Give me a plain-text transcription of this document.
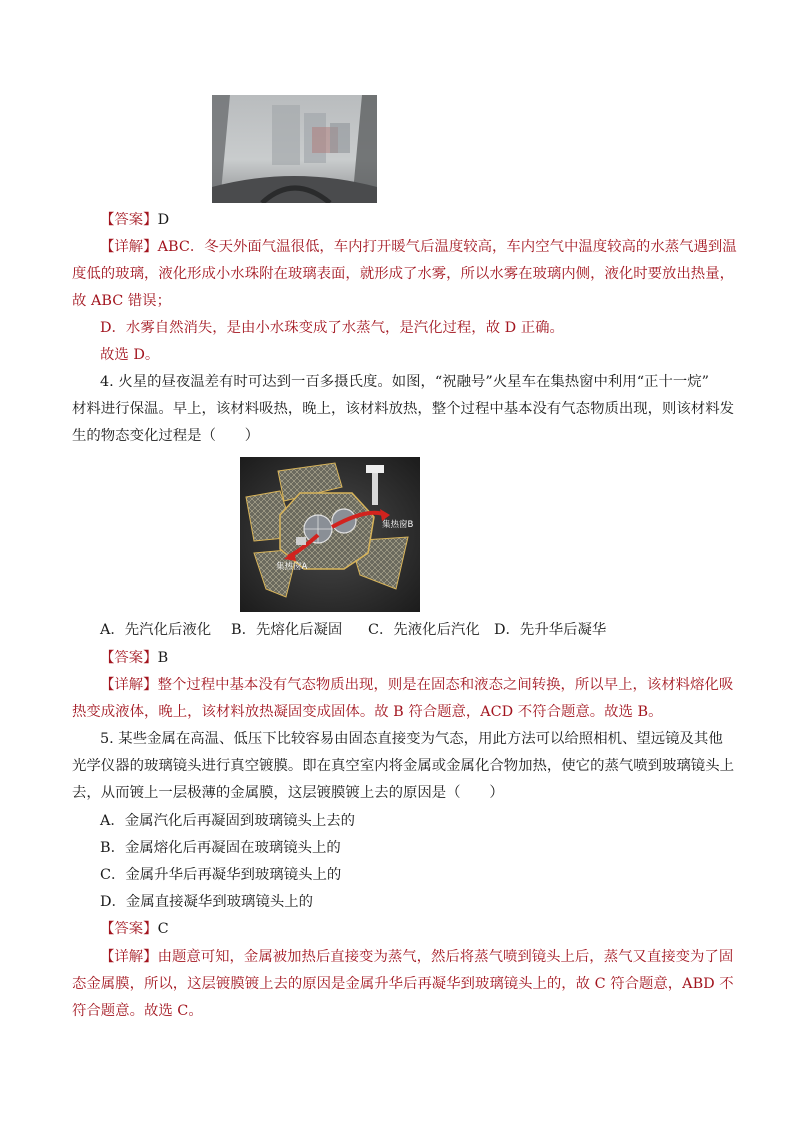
【答案】D
【详解】ABC．冬天外面气温很低，车内打开暖气后温度较高，车内空气中温度较高的水蒸气遇到温
度低的玻璃，液化形成小水珠附在玻璃表面，就形成了水雾，所以水雾在玻璃内侧，液化时要放出热量，
故 ABC 错误；
D．水雾自然消失，是由小水珠变成了水蒸气，是汽化过程，故 D 正确。
故选 D。
4. 火星的昼夜温差有时可达到一百多摄氏度。如图，“祝融号”火星车在集热窗中利用“正十一烷”
材料进行保温。早上，该材料吸热，晚上，该材料放热，整个过程中基本没有气态物质出现，则该材料发
生的物态变化过程是（　　）
集热窗B
集热窗A
A．先汽化后液化 B．先熔化后凝固 C．先液化后汽化 D．先升华后凝华
【答案】B
【详解】整个过程中基本没有气态物质出现，则是在固态和液态之间转换，所以早上，该材料熔化吸
热变成液体，晚上，该材料放热凝固变成固体。故 B 符合题意，ACD 不符合题意。故选 B。
5. 某些金属在高温、低压下比较容易由固态直接变为气态，用此方法可以给照相机、望远镜及其他
光学仪器的玻璃镜头进行真空镀膜。即在真空室内将金属或金属化合物加热，使它的蒸气喷到玻璃镜头上
去，从而镀上一层极薄的金属膜，这层镀膜镀上去的原因是（　　）
A．金属汽化后再凝固到玻璃镜头上去的
B．金属熔化后再凝固在玻璃镜头上的
C．金属升华后再凝华到玻璃镜头上的
D．金属直接凝华到玻璃镜头上的
【答案】C
【详解】由题意可知，金属被加热后直接变为蒸气，然后将蒸气喷到镜头上后，蒸气又直接变为了固
态金属膜，所以，这层镀膜镀上去的原因是金属升华后再凝华到玻璃镜头上的，故 C 符合题意，ABD 不
符合题意。故选 C。
